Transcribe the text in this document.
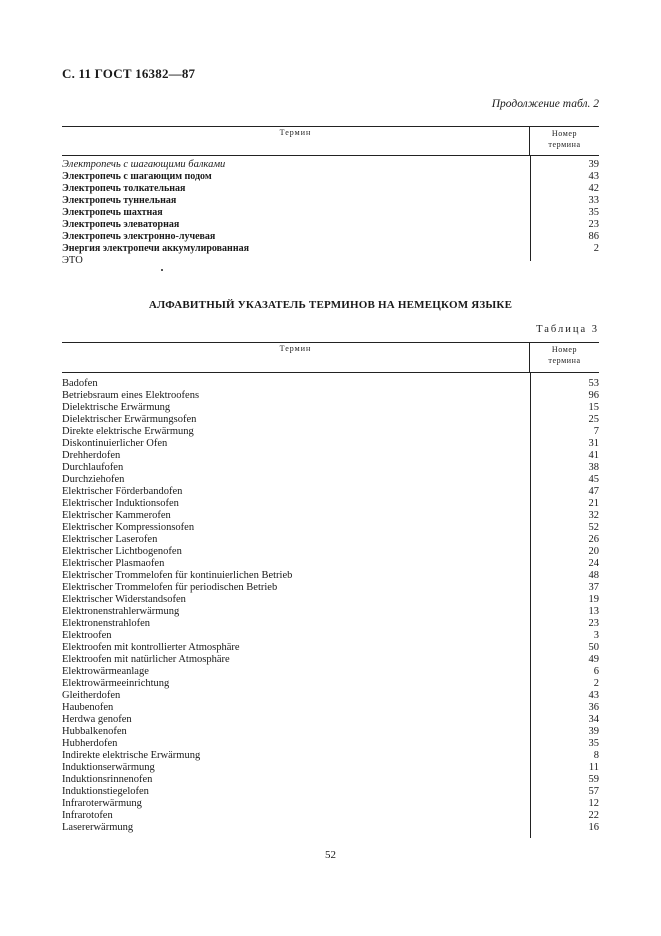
С. 11 ГОСТ 16382—87
Продолжение табл. 2
Термин	Номер
термина
Электропечь с шагающими балками	39
Электропечь с шагающим подом	43
Электропечь толкательная	42
Электропечь туннельная	33
Электропечь шахтная	35
Электропечь элеваторная	23
Электропечь электронно-лучевая	86
Энергия электропечи аккумулированная	2
ЭТО
АЛФАВИТНЫЙ УКАЗАТЕЛЬ ТЕРМИНОВ НА НЕМЕЦКОМ ЯЗЫКЕ
Таблица 3
Термин	Номер
термина
Badofen	53
Betriebsraum eines Elektroofens	96
Dielektrische Erwärmung	15
Dielektrischer Erwärmungsofen	25
Direkte elektrische Erwärmung	7
Diskontinuierlicher Ofen	31
Drehherdofen	41
Durchlaufofen	38
Durchziehofen	45
Elektrischer Förderbandofen	47
Elektrischer Induktionsofen	21
Elektrischer Kammerofen	32
Elektrischer Kompressionsofen	52
Elektrischer Laserofen	26
Elektrischer Lichtbogenofen	20
Elektrischer Plasmaofen	24
Elektrischer Trommelofen für kontinuierlichen Betrieb	48
Elektrischer Trommelofen für periodischen Betrieb	37
Elektrischer Widerstandsofen	19
Elektronenstrahlerwärmung	13
Elektronenstrahlofen	23
Elektroofen	3
Elektroofen mit kontrollierter Atmosphäre	50
Elektroofen mit natürlicher Atmosphäre	49
Elektrowärmeanlage	6
Elektrowärmeeinrichtung	2
Gleitherdofen	43
Haubenofen	36
Herdwa genofen	34
Hubbalkenofen	39
Hubherdofen	35
Indirekte elektrische Erwärmung	8
Induktionserwärmung	11
Induktionsrinnenofen	59
Induktionstiegelofen	57
Infraroterwärmung	12
Infrarotofen	22
Lasererwärmung	16
52
